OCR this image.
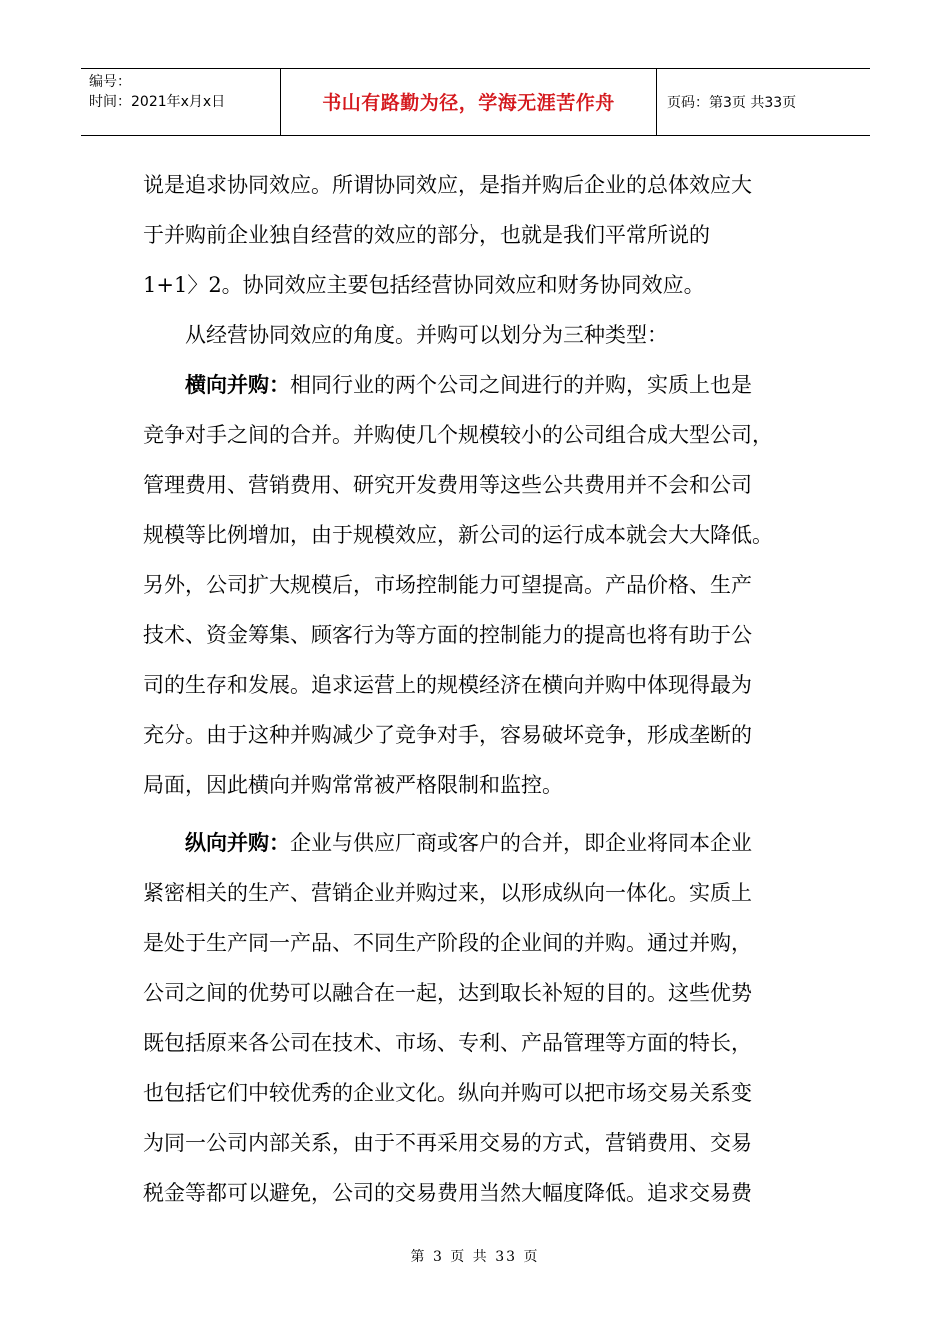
编号：
时间：2021年x月x日	书山有路勤为径，学海无涯苦作舟	页码：第3页 共33页
说是追求协同效应。所谓协同效应，是指并购后企业的总体效应大
于并购前企业独自经营的效应的部分，也就是我们平常所说的
1+1〉2。协同效应主要包括经营协同效应和财务协同效应。
从经营协同效应的角度。并购可以划分为三种类型：
横向并购：相同行业的两个公司之间进行的并购，实质上也是
竞争对手之间的合并。并购使几个规模较小的公司组合成大型公司，
管理费用、营销费用、研究开发费用等这些公共费用并不会和公司
规模等比例增加，由于规模效应，新公司的运行成本就会大大降低。
另外，公司扩大规模后，市场控制能力可望提高。产品价格、生产
技术、资金筹集、顾客行为等方面的控制能力的提高也将有助于公
司的生存和发展。追求运营上的规模经济在横向并购中体现得最为
充分。由于这种并购减少了竞争对手，容易破坏竞争，形成垄断的
局面，因此横向并购常常被严格限制和监控。
纵向并购：企业与供应厂商或客户的合并，即企业将同本企业
紧密相关的生产、营销企业并购过来，以形成纵向一体化。实质上
是处于生产同一产品、不同生产阶段的企业间的并购。通过并购，
公司之间的优势可以融合在一起，达到取长补短的目的。这些优势
既包括原来各公司在技术、市场、专利、产品管理等方面的特长，
也包括它们中较优秀的企业文化。纵向并购可以把市场交易关系变
为同一公司内部关系，由于不再采用交易的方式，营销费用、交易
税金等都可以避免，公司的交易费用当然大幅度降低。追求交易费
第 3 页 共 33 页
